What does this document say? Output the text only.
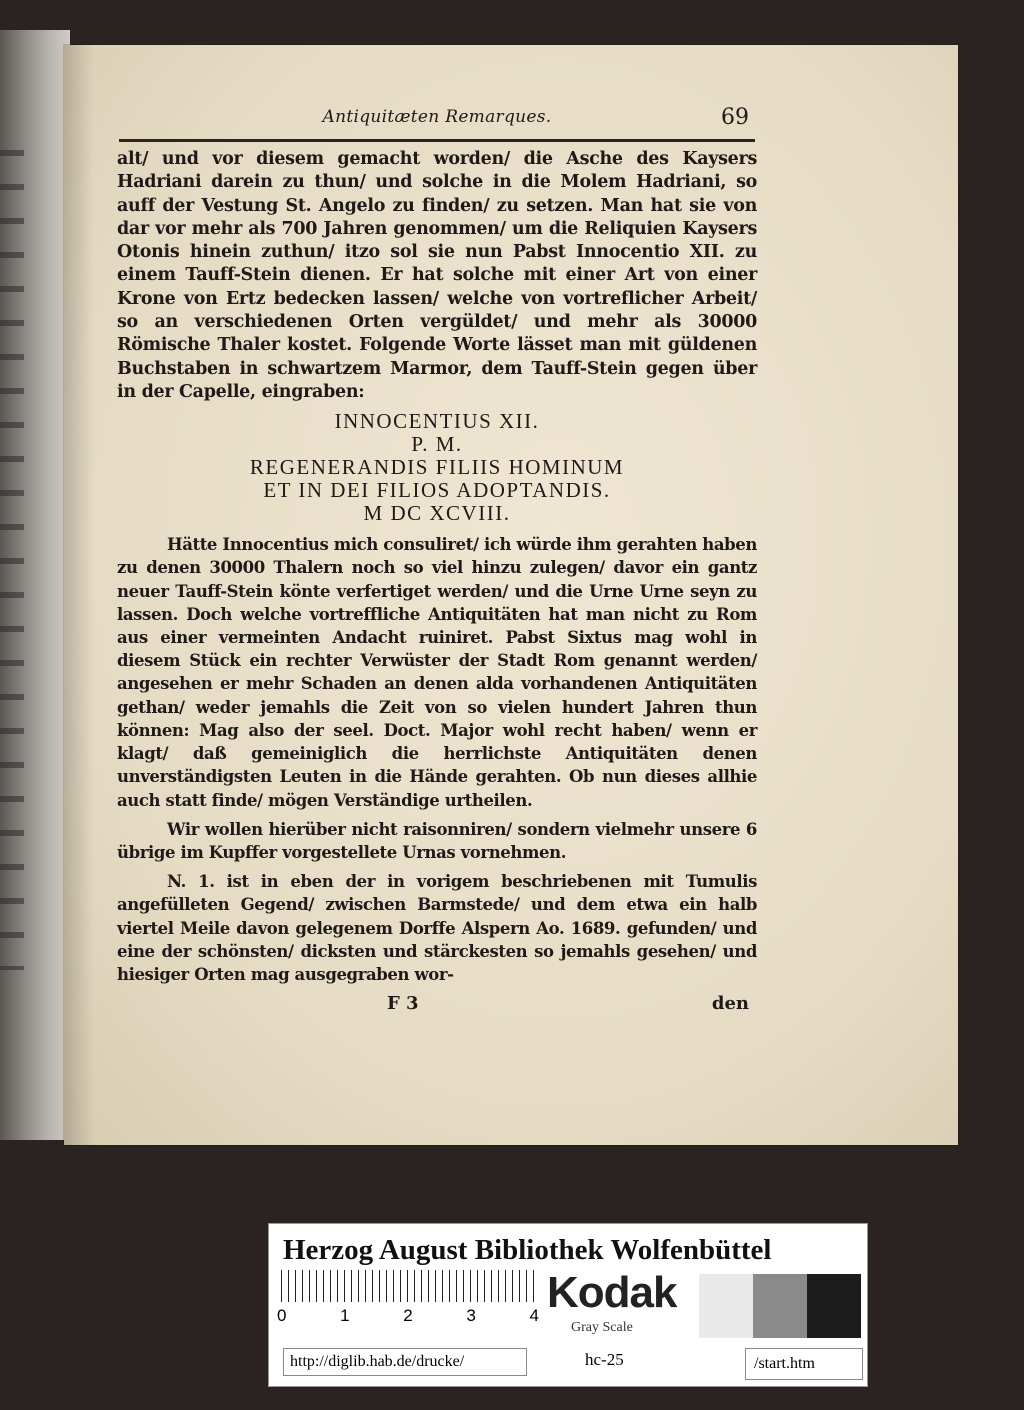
Antiquitæten Remarques.	69
alt/ und vor diesem gemacht worden/ die Asche des Kaysers Hadriani darein zu thun/ und solche in die Molem Hadriani, so auff der Vestung St. Angelo zu finden/ zu setzen. Man hat sie von dar vor mehr als 700 Jahren genommen/ um die Reliquien Kaysers Otonis hinein zuthun/ itzo sol sie nun Pabst Innocentio XII. zu einem Tauff-Stein dienen. Er hat solche mit einer Art von einer Krone von Ertz bedecken lassen/ welche von vortreflicher Arbeit/ so an verschiedenen Orten vergüldet/ und mehr als 30000 Römische Thaler kostet. Folgende Worte lässet man mit güldenen Buchstaben in schwartzem Marmor, dem Tauff-Stein gegen über in der Capelle, eingraben:
INNOCENTIUS XII.
P. M.
REGENERANDIS FILIIS HOMINUM
ET IN DEI FILIOS ADOPTANDIS.
M DC XCVIII.
Hätte Innocentius mich consuliret/ ich würde ihm gerahten haben zu denen 30000 Thalern noch so viel hinzu zulegen/ davor ein gantz neuer Tauff-Stein könte verfertiget werden/ und die Urne Urne seyn zu lassen. Doch welche vortreffliche Antiquitäten hat man nicht zu Rom aus einer vermeinten Andacht ruiniret. Pabst Sixtus mag wohl in diesem Stück ein rechter Verwüster der Stadt Rom genannt werden/ angesehen er mehr Schaden an denen alda vorhandenen Antiquitäten gethan/ weder jemahls die Zeit von so vielen hundert Jahren thun können: Mag also der seel. Doct. Major wohl recht haben/ wenn er klagt/ daß gemeiniglich die herrlichste Antiquitäten denen unverständigsten Leuten in die Hände gerahten. Ob nun dieses allhie auch statt finde/ mögen Verständige urtheilen.
Wir wollen hierüber nicht raisonniren/ sondern vielmehr unsere 6 übrige im Kupffer vorgestellete Urnas vornehmen.
N. 1. ist in eben der in vorigem beschriebenen mit Tumulis angefülleten Gegend/ zwischen Barmstede/ und dem etwa ein halb viertel Meile davon gelegenem Dorffe Alspern Ao. 1689. gefunden/ und eine der schönsten/ dicksten und stärckesten so jemahls gesehen/ und hiesiger Orten mag ausgegraben wor-
F 3	den
Herzog August Bibliothek Wolfenbüttel
0	1	2	3	4 Kodak
Gray Scale
http://diglib.hab.de/drucke/	hc-25	/start.htm
